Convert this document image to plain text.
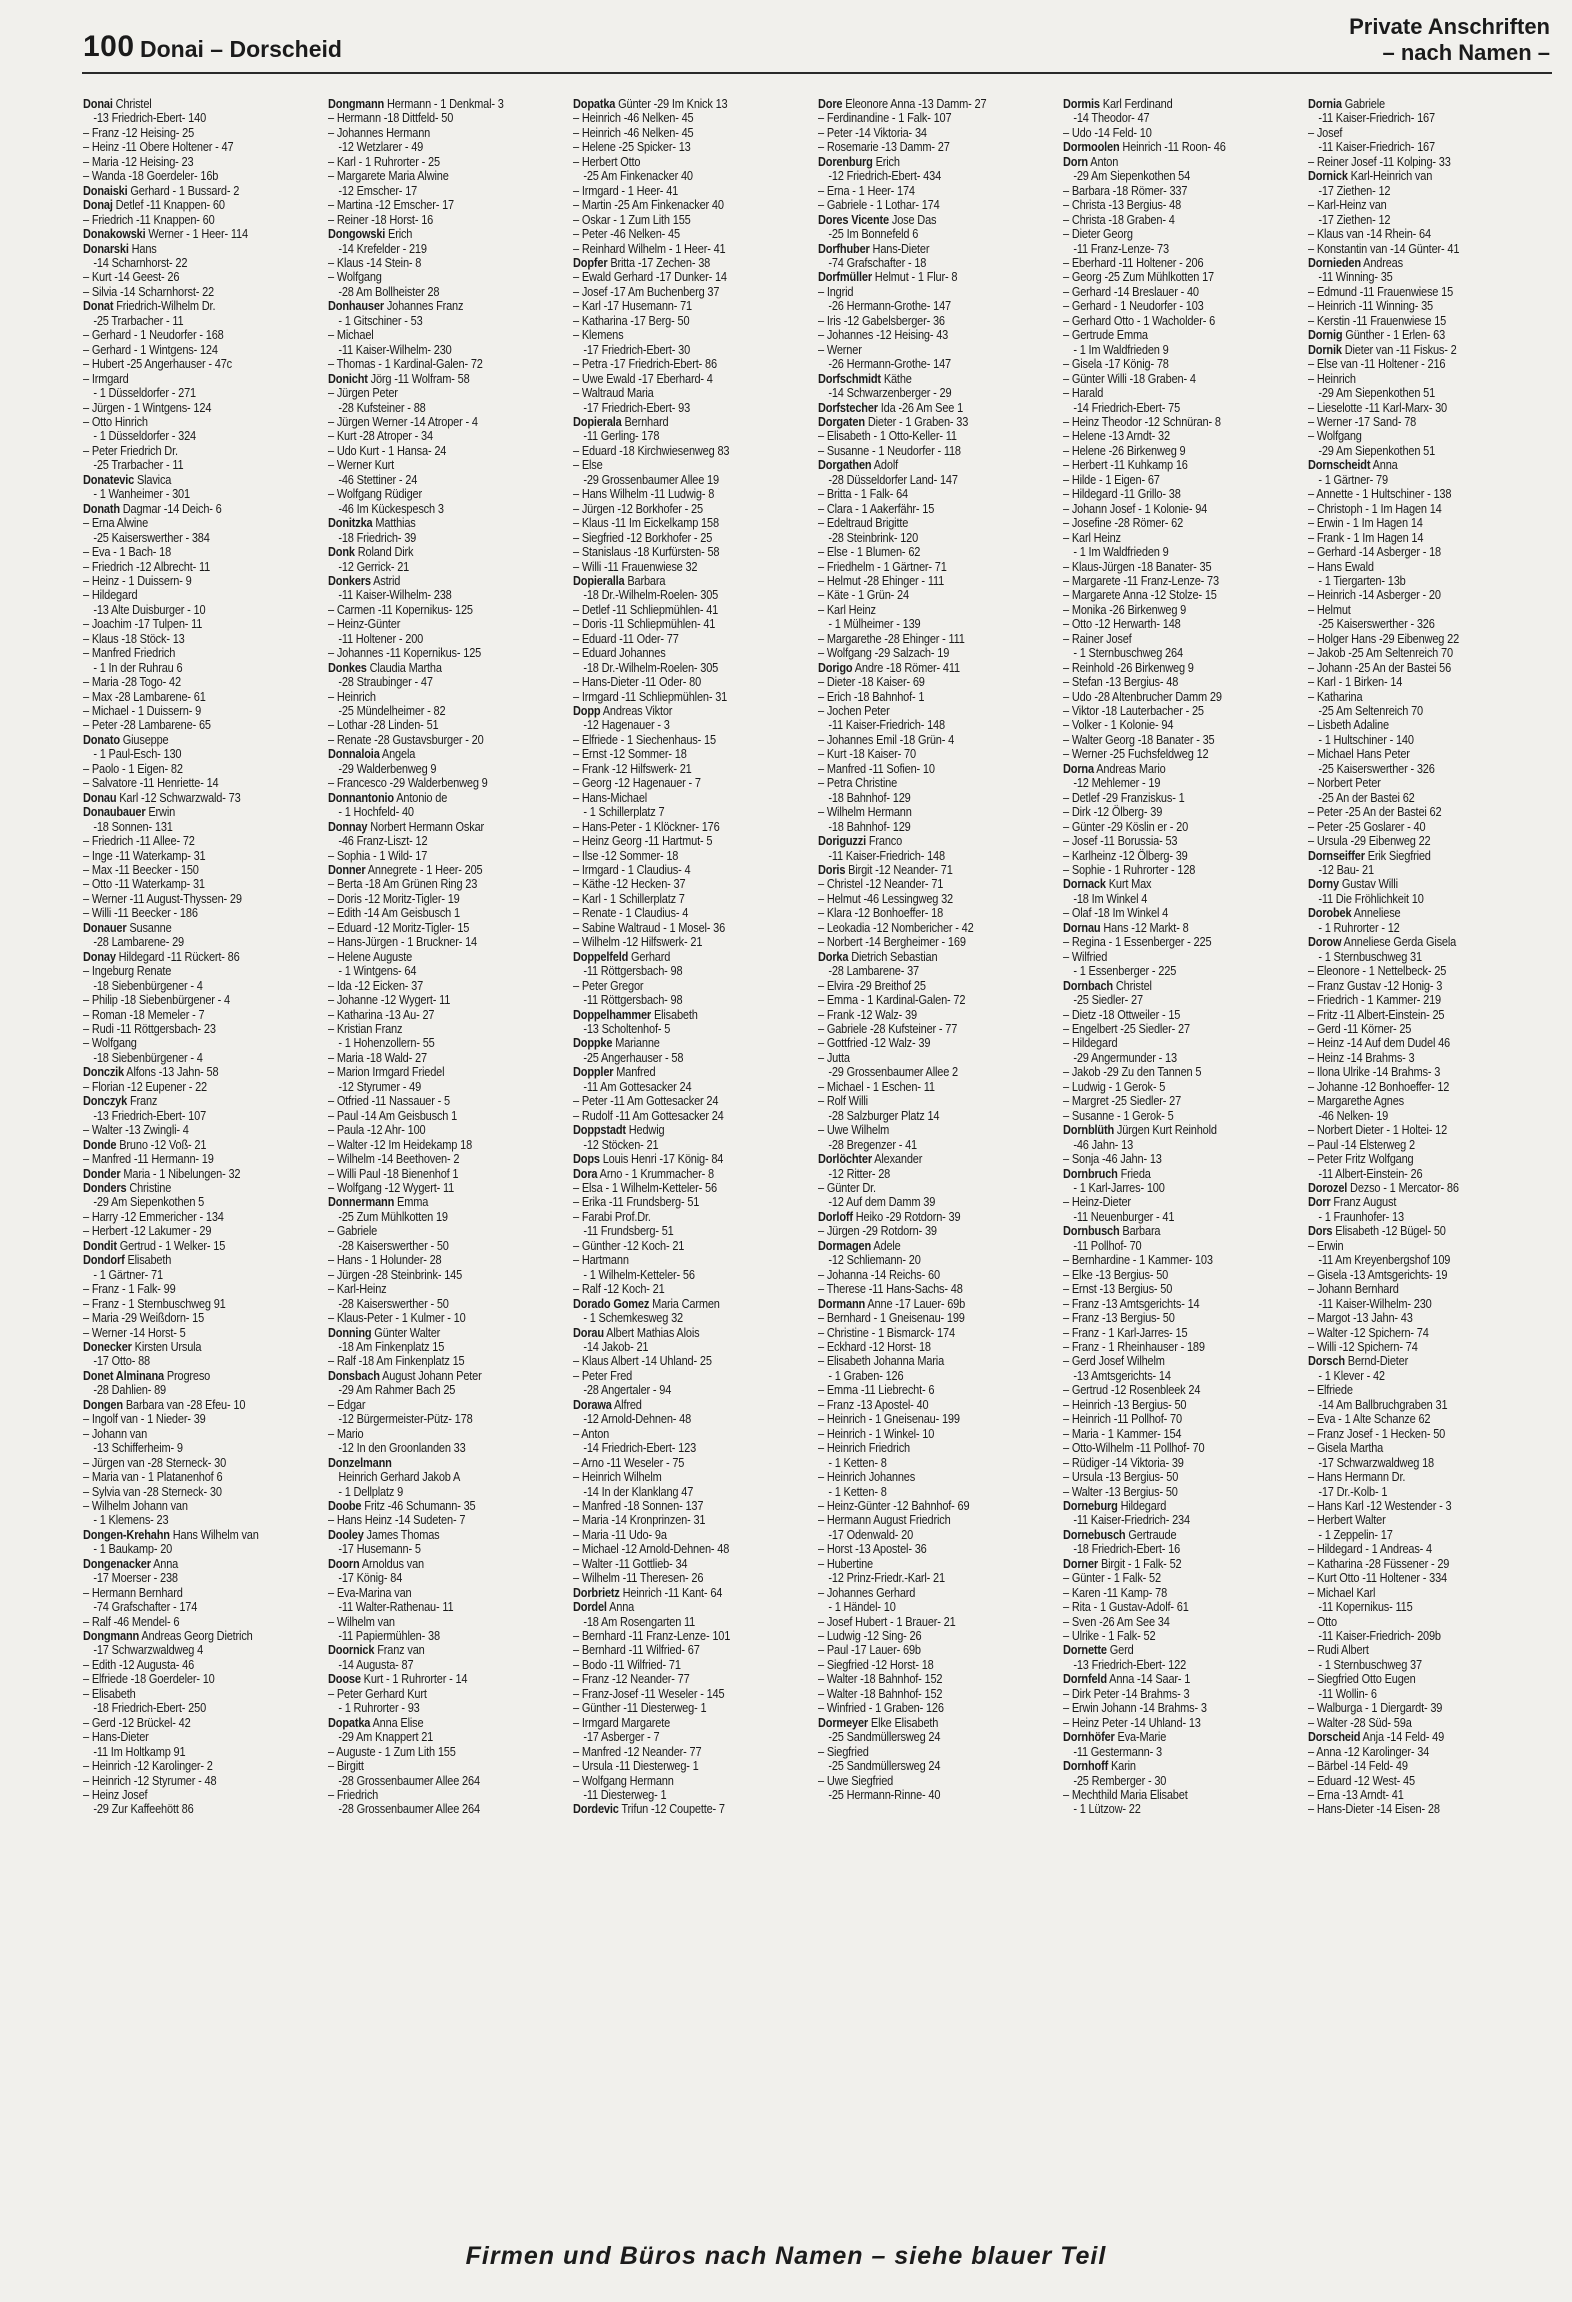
100 Donai – Dorscheid
Private Anschriften
– nach Namen –
Donai Christel
-13 Friedrich-Ebert- 140
– Franz -12 Heising- 25
– Heinz -11 Obere Holtener - 47
– Maria -12 Heising- 23
– Wanda -18 Goerdeler- 16b
Donaiski Gerhard - 1 Bussard- 2
Donaj Detlef -11 Knappen- 60
– Friedrich -11 Knappen- 60
Donakowski Werner - 1 Heer- 114
Donarski Hans
-14 Scharnhorst- 22
– Kurt -14 Geest- 26
– Silvia -14 Scharnhorst- 22
Donat Friedrich-Wilhelm Dr.
-25 Trarbacher - 11
– Gerhard - 1 Neudorfer - 168
– Gerhard - 1 Wintgens- 124
– Hubert -25 Angerhauser - 47c
– Irmgard
- 1 Düsseldorfer - 271
– Jürgen - 1 Wintgens- 124
– Otto Hinrich
- 1 Düsseldorfer - 324
– Peter Friedrich Dr.
-25 Trarbacher - 11
Donatevic Slavica
- 1 Wanheimer - 301
Donath Dagmar -14 Deich- 6
– Erna Alwine
-25 Kaiserswerther - 384
– Eva - 1 Bach- 18
– Friedrich -12 Albrecht- 11
– Heinz - 1 Duissern- 9
– Hildegard
-13 Alte Duisburger - 10
– Joachim -17 Tulpen- 11
– Klaus -18 Stöck- 13
– Manfred Friedrich
- 1 In der Ruhrau 6
– Maria -28 Togo- 42
– Max -28 Lambarene- 61
– Michael - 1 Duissern- 9
– Peter -28 Lambarene- 65
Donato Giuseppe
- 1 Paul-Esch- 130
– Paolo - 1 Eigen- 82
– Salvatore -11 Henriette- 14
Donau Karl -12 Schwarzwald- 73
Donaubauer Erwin
-18 Sonnen- 131
– Friedrich -11 Allee- 72
– Inge -11 Waterkamp- 31
– Max -11 Beecker - 150
– Otto -11 Waterkamp- 31
– Werner -11 August-Thyssen- 29
– Willi -11 Beecker - 186
Donauer Susanne
-28 Lambarene- 29
Donay Hildegard -11 Rückert- 86
– Ingeburg Renate
-18 Siebenbürgener - 4
– Philip -18 Siebenbürgener - 4
– Roman -18 Memeler - 7
– Rudi -11 Röttgersbach- 23
– Wolfgang
-18 Siebenbürgener - 4
Donczik Alfons -13 Jahn- 58
– Florian -12 Eupener - 22
Donczyk Franz
-13 Friedrich-Ebert- 107
– Walter -13 Zwingli- 4
Donde Bruno -12 Voß- 21
– Manfred -11 Hermann- 19
Donder Maria - 1 Nibelungen- 32
Donders Christine
-29 Am Siepenkothen 5
– Harry -12 Emmericher - 134
– Herbert -12 Lakumer - 29
Dondit Gertrud - 1 Welker- 15
Dondorf Elisabeth
- 1 Gärtner- 71
– Franz - 1 Falk- 99
– Franz - 1 Sternbuschweg 91
– Maria -29 Weißdorn- 15
– Werner -14 Horst- 5
Donecker Kirsten Ursula
-17 Otto- 88
Donet Alminana Progreso
-28 Dahlien- 89
Dongen Barbara van -28 Efeu- 10
– Ingolf van - 1 Nieder- 39
– Johann van
-13 Schifferheim- 9
– Jürgen van -28 Sterneck- 30
– Maria van - 1 Platanenhof 6
– Sylvia van -28 Sterneck- 30
– Wilhelm Johann van
- 1 Klemens- 23
Dongen-Krehahn Hans Wilhelm van
- 1 Baukamp- 20
Dongenacker Anna
-17 Moerser - 238
– Hermann Bernhard
-74 Grafschafter - 174
– Ralf -46 Mendel- 6
Dongmann Andreas Georg Dietrich
-17 Schwarzwaldweg 4
– Edith -12 Augusta- 46
– Elfriede -18 Goerdeler- 10
– Elisabeth
-18 Friedrich-Ebert- 250
– Gerd -12 Brückel- 42
– Hans-Dieter
-11 Im Holtkamp 91
– Heinrich -12 Karolinger- 2
– Heinrich -12 Styrumer - 48
– Heinz Josef
-29 Zur Kaffeehött 86
Dongmann Hermann - 1 Denkmal- 3
– Hermann -18 Dittfeld- 50
– Johannes Hermann
-12 Wetzlarer - 49
– Karl - 1 Ruhrorter - 25
– Margarete Maria Alwine
-12 Emscher- 17
– Martina -12 Emscher- 17
– Reiner -18 Horst- 16
Dongowski Erich
-14 Krefelder - 219
– Klaus -14 Stein- 8
– Wolfgang
-28 Am Bollheister 28
Donhauser Johannes Franz
- 1 Gitschiner - 53
– Michael
-11 Kaiser-Wilhelm- 230
– Thomas - 1 Kardinal-Galen- 72
Donicht Jörg -11 Wolfram- 58
– Jürgen Peter
-28 Kufsteiner - 88
– Jürgen Werner -14 Atroper - 4
– Kurt -28 Atroper - 34
– Udo Kurt - 1 Hansa- 24
– Werner Kurt
-46 Stettiner - 24
– Wolfgang Rüdiger
-46 Im Kückespesch 3
Donitzka Matthias
-18 Friedrich- 39
Donk Roland Dirk
-12 Gerrick- 21
Donkers Astrid
-11 Kaiser-Wilhelm- 238
– Carmen -11 Kopernikus- 125
– Heinz-Günter
-11 Holtener - 200
– Johannes -11 Kopernikus- 125
Donkes Claudia Martha
-28 Straubinger - 47
– Heinrich
-25 Mündelheimer - 82
– Lothar -28 Linden- 51
– Renate -28 Gustavsburger - 20
Donnaloia Angela
-29 Walderbenweg 9
– Francesco -29 Walderbenweg 9
Donnantonio Antonio de
- 1 Hochfeld- 40
Donnay Norbert Hermann Oskar
-46 Franz-Liszt- 12
– Sophia - 1 Wild- 17
Donner Annegrete - 1 Heer- 205
– Berta -18 Am Grünen Ring 23
– Doris -12 Moritz-Tigler- 19
– Edith -14 Am Geisbusch 1
– Eduard -12 Moritz-Tigler- 15
– Hans-Jürgen - 1 Bruckner- 14
– Helene Auguste
- 1 Wintgens- 64
– Ida -12 Eicken- 37
– Johanne -12 Wygert- 11
– Katharina -13 Au- 27
– Kristian Franz
- 1 Hohenzollern- 55
– Maria -18 Wald- 27
– Marion Irmgard Friedel
-12 Styrumer - 49
– Otfried -11 Nassauer - 5
– Paul -14 Am Geisbusch 1
– Paula -12 Ahr- 100
– Walter -12 Im Heidekamp 18
– Wilhelm -14 Beethoven- 2
– Willi Paul -18 Bienenhof 1
– Wolfgang -12 Wygert- 11
Donnermann Emma
-25 Zum Mühlkotten 19
– Gabriele
-28 Kaiserswerther - 50
– Hans - 1 Holunder- 28
– Jürgen -28 Steinbrink- 145
– Karl-Heinz
-28 Kaiserswerther - 50
– Klaus-Peter - 1 Kulmer - 10
Donning Günter Walter
-18 Am Finkenplatz 15
– Ralf -18 Am Finkenplatz 15
Donsbach August Johann Peter
-29 Am Rahmer Bach 25
– Edgar
-12 Bürgermeister-Pütz- 178
– Mario
-12 In den Groonlanden 33
Donzelmann
Heinrich Gerhard Jakob A
- 1 Dellplatz 9
Doobe Fritz -46 Schumann- 35
– Hans Heinz -14 Sudeten- 7
Dooley James Thomas
-17 Husemann- 5
Doorn Arnoldus van
-17 König- 84
– Eva-Marina van
-11 Walter-Rathenau- 11
– Wilhelm van
-11 Papiermühlen- 38
Doornick Franz van
-14 Augusta- 87
Doose Kurt - 1 Ruhrorter - 14
– Peter Gerhard Kurt
- 1 Ruhrorter - 93
Dopatka Anna Elise
-29 Am Knappert 21
– Auguste - 1 Zum Lith 155
– Birgitt
-28 Grossenbaumer Allee 264
– Friedrich
-28 Grossenbaumer Allee 264
Dopatka Günter -29 Im Knick 13
– Heinrich -46 Nelken- 45
– Heinrich -46 Nelken- 45
– Helene -25 Spicker- 13
– Herbert Otto
-25 Am Finkenacker 40
– Irmgard - 1 Heer- 41
– Martin -25 Am Finkenacker 40
– Oskar - 1 Zum Lith 155
– Peter -46 Nelken- 45
– Reinhard Wilhelm - 1 Heer- 41
Dopfer Britta -17 Zechen- 38
– Ewald Gerhard -17 Dunker- 14
– Josef -17 Am Buchenberg 37
– Karl -17 Husemann- 71
– Katharina -17 Berg- 50
– Klemens
-17 Friedrich-Ebert- 30
– Petra -17 Friedrich-Ebert- 86
– Uwe Ewald -17 Eberhard- 4
– Waltraud Maria
-17 Friedrich-Ebert- 93
Dopierala Bernhard
-11 Gerling- 178
– Eduard -18 Kirchwiesenweg 83
– Else
-29 Grossenbaumer Allee 19
– Hans Wilhelm -11 Ludwig- 8
– Jürgen -12 Borkhofer - 25
– Klaus -11 Im Eickelkamp 158
– Siegfried -12 Borkhofer - 25
– Stanislaus -18 Kurfürsten- 58
– Willi -11 Frauenwiese 32
Dopieralla Barbara
-18 Dr.-Wilhelm-Roelen- 305
– Detlef -11 Schliepmühlen- 41
– Doris -11 Schliepmühlen- 41
– Eduard -11 Oder- 77
– Eduard Johannes
-18 Dr.-Wilhelm-Roelen- 305
– Hans-Dieter -11 Oder- 80
– Irmgard -11 Schliepmühlen- 31
Dopp Andreas Viktor
-12 Hagenauer - 3
– Elfriede - 1 Siechenhaus- 15
– Ernst -12 Sommer- 18
– Frank -12 Hilfswerk- 21
– Georg -12 Hagenauer - 7
– Hans-Michael
- 1 Schillerplatz 7
– Hans-Peter - 1 Klöckner- 176
– Heinz Georg -11 Hartmut- 5
– Ilse -12 Sommer- 18
– Irmgard - 1 Claudius- 4
– Käthe -12 Hecken- 37
– Karl - 1 Schillerplatz 7
– Renate - 1 Claudius- 4
– Sabine Waltraud - 1 Mosel- 36
– Wilhelm -12 Hilfswerk- 21
Doppelfeld Gerhard
-11 Röttgersbach- 98
– Peter Gregor
-11 Röttgersbach- 98
Doppelhammer Elisabeth
-13 Scholtenhof- 5
Doppke Marianne
-25 Angerhauser - 58
Doppler Manfred
-11 Am Gottesacker 24
– Peter -11 Am Gottesacker 24
– Rudolf -11 Am Gottesacker 24
Doppstadt Hedwig
-12 Stöcken- 21
Dops Louis Henri -17 König- 84
Dora Arno - 1 Krummacher- 8
– Elsa - 1 Wilhelm-Ketteler- 56
– Erika -11 Frundsberg- 51
– Farabi Prof.Dr.
-11 Frundsberg- 51
– Günther -12 Koch- 21
– Hartmann
- 1 Wilhelm-Ketteler- 56
– Ralf -12 Koch- 21
Dorado Gomez Maria Carmen
- 1 Schemkesweg 32
Dorau Albert Mathias Alois
-14 Jakob- 21
– Klaus Albert -14 Uhland- 25
– Peter Fred
-28 Angertaler - 94
Dorawa Alfred
-12 Arnold-Dehnen- 48
– Anton
-14 Friedrich-Ebert- 123
– Arno -11 Weseler - 75
– Heinrich Wilhelm
-14 In der Klanklang 47
– Manfred -18 Sonnen- 137
– Maria -14 Kronprinzen- 31
– Maria -11 Udo- 9a
– Michael -12 Arnold-Dehnen- 48
– Walter -11 Gottlieb- 34
– Wilhelm -11 Theresen- 26
Dorbrietz Heinrich -11 Kant- 64
Dordel Anna
-18 Am Rosengarten 11
– Bernhard -11 Franz-Lenze- 101
– Bernhard -11 Wilfried- 67
– Bodo -11 Wilfried- 71
– Franz -12 Neander- 77
– Franz-Josef -11 Weseler - 145
– Günther -11 Diesterweg- 1
– Irmgard Margarete
-17 Asberger - 7
– Manfred -12 Neander- 77
– Ursula -11 Diesterweg- 1
– Wolfgang Hermann
-11 Diesterweg- 1
Dordevic Trifun -12 Coupette- 7
Dore Eleonore Anna -13 Damm- 27
– Ferdinandine - 1 Falk- 107
– Peter -14 Viktoria- 34
– Rosemarie -13 Damm- 27
Dorenburg Erich
-12 Friedrich-Ebert- 434
– Erna - 1 Heer- 174
– Gabriele - 1 Lothar- 174
Dores Vicente Jose Das
-25 Im Bonnefeld 6
Dorfhuber Hans-Dieter
-74 Grafschafter - 18
Dorfmüller Helmut - 1 Flur- 8
– Ingrid
-26 Hermann-Grothe- 147
– Iris -12 Gabelsberger- 36
– Johannes -12 Heising- 43
– Werner
-26 Hermann-Grothe- 147
Dorfschmidt Käthe
-14 Schwarzenberger - 29
Dorfstecher Ida -26 Am See 1
Dorgaten Dieter - 1 Graben- 33
– Elisabeth - 1 Otto-Keller- 11
– Susanne - 1 Neudorfer - 118
Dorgathen Adolf
-28 Düsseldorfer Land- 147
– Britta - 1 Falk- 64
– Clara - 1 Aakerfähr- 15
– Edeltraud Brigitte
-28 Steinbrink- 120
– Else - 1 Blumen- 62
– Friedhelm - 1 Gärtner- 71
– Helmut -28 Ehinger - 111
– Käte - 1 Grün- 24
– Karl Heinz
- 1 Mülheimer - 139
– Margarethe -28 Ehinger - 111
– Wolfgang -29 Salzach- 19
Dorigo Andre -18 Römer- 411
– Dieter -18 Kaiser- 69
– Erich -18 Bahnhof- 1
– Jochen Peter
-11 Kaiser-Friedrich- 148
– Johannes Emil -18 Grün- 4
– Kurt -18 Kaiser- 70
– Manfred -11 Sofien- 10
– Petra Christine
-18 Bahnhof- 129
– Wilhelm Hermann
-18 Bahnhof- 129
Doriguzzi Franco
-11 Kaiser-Friedrich- 148
Doris Birgit -12 Neander- 71
– Christel -12 Neander- 71
– Helmut -46 Lessingweg 32
– Klara -12 Bonhoeffer- 18
– Leokadia -12 Nombericher - 42
– Norbert -14 Bergheimer - 169
Dorka Dietrich Sebastian
-28 Lambarene- 37
– Elvira -29 Breithof 25
– Emma - 1 Kardinal-Galen- 72
– Frank -12 Walz- 39
– Gabriele -28 Kufsteiner - 77
– Gottfried -12 Walz- 39
– Jutta
-29 Grossenbaumer Allee 2
– Michael - 1 Eschen- 11
– Rolf Willi
-28 Salzburger Platz 14
– Uwe Wilhelm
-28 Bregenzer - 41
Dorlöchter Alexander
-12 Ritter- 28
– Günter Dr.
-12 Auf dem Damm 39
Dorloff Heiko -29 Rotdorn- 39
– Jürgen -29 Rotdorn- 39
Dormagen Adele
-12 Schliemann- 20
– Johanna -14 Reichs- 60
– Therese -11 Hans-Sachs- 48
Dormann Anne -17 Lauer- 69b
– Bernhard - 1 Gneisenau- 199
– Christine - 1 Bismarck- 174
– Eckhard -12 Horst- 18
– Elisabeth Johanna Maria
- 1 Graben- 126
– Emma -11 Liebrecht- 6
– Franz -13 Apostel- 40
– Heinrich - 1 Gneisenau- 199
– Heinrich - 1 Winkel- 10
– Heinrich Friedrich
- 1 Ketten- 8
– Heinrich Johannes
- 1 Ketten- 8
– Heinz-Günter -12 Bahnhof- 69
– Hermann August Friedrich
-17 Odenwald- 20
– Horst -13 Apostel- 36
– Hubertine
-12 Prinz-Friedr.-Karl- 21
– Johannes Gerhard
- 1 Händel- 10
– Josef Hubert - 1 Brauer- 21
– Ludwig -12 Sing- 26
– Paul -17 Lauer- 69b
– Siegfried -12 Horst- 18
– Walter -18 Bahnhof- 152
– Walter -18 Bahnhof- 152
– Winfried - 1 Graben- 126
Dormeyer Elke Elisabeth
-25 Sandmüllersweg 24
– Siegfried
-25 Sandmüllersweg 24
– Uwe Siegfried
-25 Hermann-Rinne- 40
Dormis Karl Ferdinand
-14 Theodor- 47
– Udo -14 Feld- 10
Dormoolen Heinrich -11 Roon- 46
Dorn Anton
-29 Am Siepenkothen 54
– Barbara -18 Römer- 337
– Christa -13 Bergius- 48
– Christa -18 Graben- 4
– Dieter Georg
-11 Franz-Lenze- 73
– Eberhard -11 Holtener - 206
– Georg -25 Zum Mühlkotten 17
– Gerhard -14 Breslauer - 40
– Gerhard - 1 Neudorfer - 103
– Gerhard Otto - 1 Wacholder- 6
– Gertrude Emma
- 1 Im Waldfrieden 9
– Gisela -17 König- 78
– Günter Willi -18 Graben- 4
– Harald
-14 Friedrich-Ebert- 75
– Heinz Theodor -12 Schnüran- 8
– Helene -13 Arndt- 32
– Helene -26 Birkenweg 9
– Herbert -11 Kuhkamp 16
– Hilde - 1 Eigen- 67
– Hildegard -11 Grillo- 38
– Johann Josef - 1 Kolonie- 94
– Josefine -28 Römer- 62
– Karl Heinz
- 1 Im Waldfrieden 9
– Klaus-Jürgen -18 Banater- 35
– Margarete -11 Franz-Lenze- 73
– Margarete Anna -12 Stolze- 15
– Monika -26 Birkenweg 9
– Otto -12 Herwarth- 148
– Rainer Josef
- 1 Sternbuschweg 264
– Reinhold -26 Birkenweg 9
– Stefan -13 Bergius- 48
– Udo -28 Altenbrucher Damm 29
– Viktor -18 Lauterbacher - 25
– Volker - 1 Kolonie- 94
– Walter Georg -18 Banater - 35
– Werner -25 Fuchsfeldweg 12
Dorna Andreas Mario
-12 Mehlemer - 19
– Detlef -29 Franziskus- 1
– Dirk -12 Ölberg- 39
– Günter -29 Köslin er - 20
– Josef -11 Borussia- 53
– Karlheinz -12 Ölberg- 39
– Sophie - 1 Ruhrorter - 128
Dornack Kurt Max
-18 Im Winkel 4
– Olaf -18 Im Winkel 4
Dornau Hans -12 Markt- 8
– Regina - 1 Essenberger - 225
– Wilfried
- 1 Essenberger - 225
Dornbach Christel
-25 Siedler- 27
– Dietz -18 Ottweiler - 15
– Engelbert -25 Siedler- 27
– Hildegard
-29 Angermunder - 13
– Jakob -29 Zu den Tannen 5
– Ludwig - 1 Gerok- 5
– Margret -25 Siedler- 27
– Susanne - 1 Gerok- 5
Dornblüth Jürgen Kurt Reinhold
-46 Jahn- 13
– Sonja -46 Jahn- 13
Dornbruch Frieda
- 1 Karl-Jarres- 100
– Heinz-Dieter
-11 Neuenburger - 41
Dornbusch Barbara
-11 Pollhof- 70
– Bernhardine - 1 Kammer- 103
– Elke -13 Bergius- 50
– Ernst -13 Bergius- 50
– Franz -13 Amtsgerichts- 14
– Franz -13 Bergius- 50
– Franz - 1 Karl-Jarres- 15
– Franz - 1 Rheinhauser - 189
– Gerd Josef Wilhelm
-13 Amtsgerichts- 14
– Gertrud -12 Rosenbleek 24
– Heinrich -13 Bergius- 50
– Heinrich -11 Pollhof- 70
– Maria - 1 Kammer- 154
– Otto-Wilhelm -11 Pollhof- 70
– Rüdiger -14 Viktoria- 39
– Ursula -13 Bergius- 50
– Walter -13 Bergius- 50
Dorneburg Hildegard
-11 Kaiser-Friedrich- 234
Dornebusch Gertraude
-18 Friedrich-Ebert- 16
Dorner Birgit - 1 Falk- 52
– Günter - 1 Falk- 52
– Karen -11 Kamp- 78
– Rita - 1 Gustav-Adolf- 61
– Sven -26 Am See 34
– Ulrike - 1 Falk- 52
Dornette Gerd
-13 Friedrich-Ebert- 122
Dornfeld Anna -14 Saar- 1
– Dirk Peter -14 Brahms- 3
– Erwin Johann -14 Brahms- 3
– Heinz Peter -14 Uhland- 13
Dornhöfer Eva-Marie
-11 Gestermann- 3
Dornhoff Karin
-25 Remberger - 30
– Mechthild Maria Elisabet
- 1 Lützow- 22
Dornia Gabriele
-11 Kaiser-Friedrich- 167
– Josef
-11 Kaiser-Friedrich- 167
– Reiner Josef -11 Kolping- 33
Dornick Karl-Heinrich van
-17 Ziethen- 12
– Karl-Heinz van
-17 Ziethen- 12
– Klaus van -14 Rhein- 64
– Konstantin van -14 Günter- 41
Dornieden Andreas
-11 Winning- 35
– Edmund -11 Frauenwiese 15
– Heinrich -11 Winning- 35
– Kerstin -11 Frauenwiese 15
Dornig Günther - 1 Erlen- 63
Dornik Dieter van -11 Fiskus- 2
– Else van -11 Holtener - 216
– Heinrich
-29 Am Siepenkothen 51
– Lieselotte -11 Karl-Marx- 30
– Werner -17 Sand- 78
– Wolfgang
-29 Am Siepenkothen 51
Dornscheidt Anna
- 1 Gärtner- 79
– Annette - 1 Hultschiner - 138
– Christoph - 1 Im Hagen 14
– Erwin - 1 Im Hagen 14
– Frank - 1 Im Hagen 14
– Gerhard -14 Asberger - 18
– Hans Ewald
- 1 Tiergarten- 13b
– Heinrich -14 Asberger - 20
– Helmut
-25 Kaiserswerther - 326
– Holger Hans -29 Eibenweg 22
– Jakob -25 Am Seltenreich 70
– Johann -25 An der Bastei 56
– Karl - 1 Birken- 14
– Katharina
-25 Am Seltenreich 70
– Lisbeth Adaline
- 1 Hultschiner - 140
– Michael Hans Peter
-25 Kaiserswerther - 326
– Norbert Peter
-25 An der Bastei 62
– Peter -25 An der Bastei 62
– Peter -25 Goslarer - 40
– Ursula -29 Eibenweg 22
Dornseiffer Erik Siegfried
-12 Bau- 21
Dorny Gustav Willi
-11 Die Fröhlichkeit 10
Dorobek Anneliese
- 1 Ruhrorter - 12
Dorow Anneliese Gerda Gisela
- 1 Sternbuschweg 31
– Eleonore - 1 Nettelbeck- 25
– Franz Gustav -12 Honig- 3
– Friedrich - 1 Kammer- 219
– Fritz -11 Albert-Einstein- 25
– Gerd -11 Körner- 25
– Heinz -14 Auf dem Dudel 46
– Heinz -14 Brahms- 3
– Ilona Ulrike -14 Brahms- 3
– Johanne -12 Bonhoeffer- 12
– Margarethe Agnes
-46 Nelken- 19
– Norbert Dieter - 1 Holtei- 12
– Paul -14 Elsterweg 2
– Peter Fritz Wolfgang
-11 Albert-Einstein- 26
Dorozel Dezso - 1 Mercator- 86
Dorr Franz August
- 1 Fraunhofer- 13
Dors Elisabeth -12 Bügel- 50
– Erwin
-11 Am Kreyenbergshof 109
– Gisela -13 Amtsgerichts- 19
– Johann Bernhard
-11 Kaiser-Wilhelm- 230
– Margot -13 Jahn- 43
– Walter -12 Spichern- 74
– Willi -12 Spichern- 74
Dorsch Bernd-Dieter
- 1 Klever - 42
– Elfriede
-14 Am Ballbruchgraben 31
– Eva - 1 Alte Schanze 62
– Franz Josef - 1 Hecken- 50
– Gisela Martha
-17 Schwarzwaldweg 18
– Hans Hermann Dr.
-17 Dr.-Kolb- 1
– Hans Karl -12 Westender - 3
– Herbert Walter
- 1 Zeppelin- 17
– Hildegard - 1 Andreas- 4
– Katharina -28 Füssener - 29
– Kurt Otto -11 Holtener - 334
– Michael Karl
-11 Kopernikus- 115
– Otto
-11 Kaiser-Friedrich- 209b
– Rudi Albert
- 1 Sternbuschweg 37
– Siegfried Otto Eugen
-11 Wollin- 6
– Walburga - 1 Diergardt- 39
– Walter -28 Süd- 59a
Dorscheid Anja -14 Feld- 49
– Anna -12 Karolinger- 34
– Bärbel -14 Feld- 49
– Eduard -12 West- 45
– Erna -13 Arndt- 41
– Hans-Dieter -14 Eisen- 28
Firmen und Büros nach Namen – siehe blauer Teil
